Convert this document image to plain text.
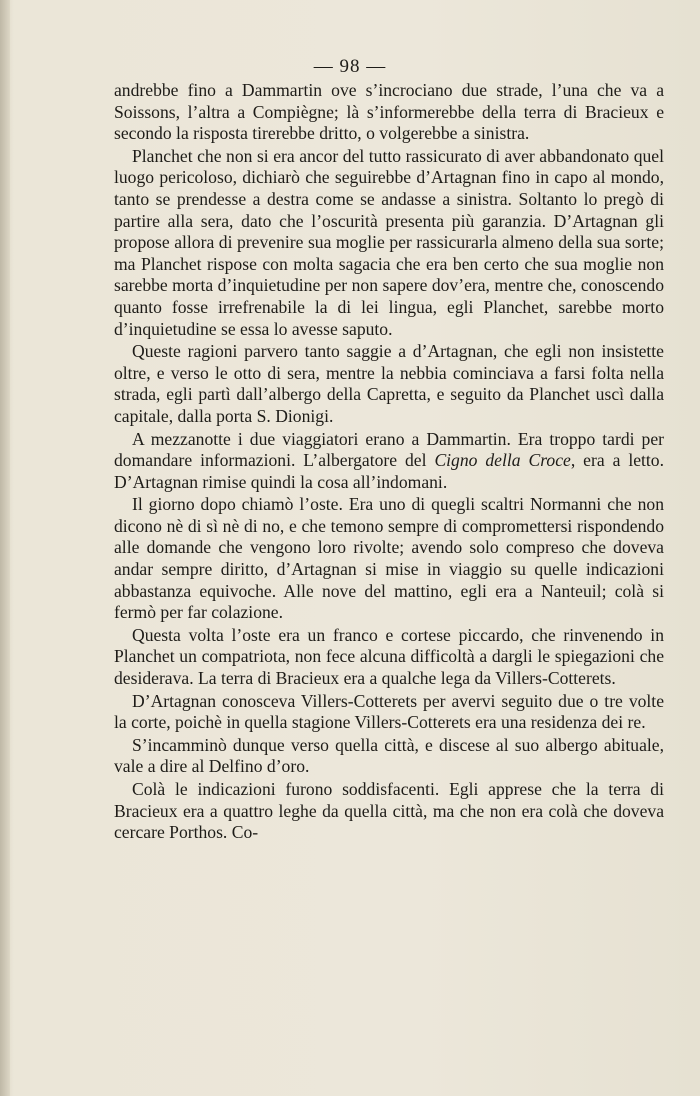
— 98 —

andrebbe fino a Dammartin ove s’incrociano due strade, l’una che va a Soissons, l’altra a Compiègne; là s’informerebbe della terra di Bracieux e secondo la risposta tirerebbe dritto, o volgerebbe a sinistra.

Planchet che non si era ancor del tutto rassicurato di aver abbandonato quel luogo pericoloso, dichiarò che seguirebbe d’Artagnan fino in capo al mondo, tanto se prendesse a destra come se andasse a sinistra. Soltanto lo pregò di partire alla sera, dato che l’oscurità presenta più garanzia. D’Artagnan gli propose allora di prevenire sua moglie per rassicurarla almeno della sua sorte; ma Planchet rispose con molta sagacia che era ben certo che sua moglie non sarebbe morta d’inquietudine per non sapere dov’era, mentre che, conoscendo quanto fosse irrefrenabile la di lei lingua, egli Planchet, sarebbe morto d’inquietudine se essa lo avesse saputo.

Queste ragioni parvero tanto saggie a d’Artagnan, che egli non insistette oltre, e verso le otto di sera, mentre la nebbia cominciava a farsi folta nella strada, egli partì dall’albergo della Capretta, e seguito da Planchet uscì dalla capitale, dalla porta S. Dionigi.

A mezzanotte i due viaggiatori erano a Dammartin. Era troppo tardi per domandare informazioni. L’albergatore del Cigno della Croce, era a letto. D’Artagnan rimise quindi la cosa all’indomani.

Il giorno dopo chiamò l’oste. Era uno di quegli scaltri Normanni che non dicono nè di sì nè di no, e che temono sempre di compromettersi rispondendo alle domande che vengono loro rivolte; avendo solo compreso che doveva andar sempre diritto, d’Artagnan si mise in viaggio su quelle indicazioni abbastanza equivoche. Alle nove del mattino, egli era a Nanteuil; colà si fermò per far colazione.

Questa volta l’oste era un franco e cortese piccardo, che rinvenendo in Planchet un compatriota, non fece alcuna difficoltà a dargli le spiegazioni che desiderava. La terra di Bracieux era a qualche lega da Villers-Cotterets.

D’Artagnan conosceva Villers-Cotterets per avervi seguito due o tre volte la corte, poichè in quella stagione Villers-Cotterets era una residenza dei re.

S’incamminò dunque verso quella città, e discese al suo albergo abituale, vale a dire al Delfino d’oro.

Colà le indicazioni furono soddisfacenti. Egli apprese che la terra di Bracieux era a quattro leghe da quella città, ma che non era colà che doveva cercare Porthos. Co-
